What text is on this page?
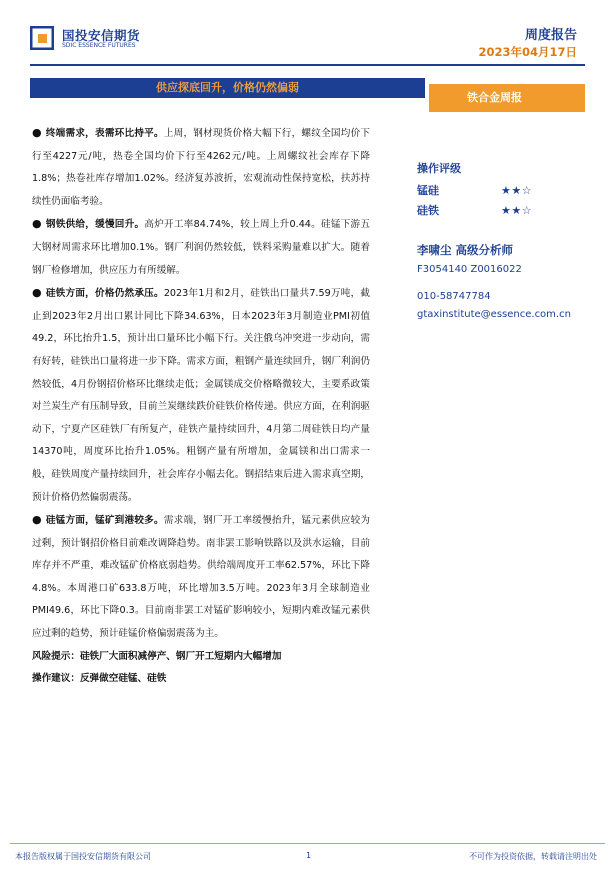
国投安信期货
SDIC ESSENCE FUTURES
周度报告
2023年04月17日
供应探底回升，价格仍然偏弱
铁合金周报

● 终端需求，表需环比持平。上周，钢材现货价格大幅下行，螺纹全国均价下行至4227元/吨，热卷全国均价下行至4262元/吨。上周螺纹社会库存下降1.8%；热卷社库存增加1.02%。经济复苏波折，宏观流动性保持宽松，扶苏持续性仍面临考验。

● 钢铁供给，缓慢回升。高炉开工率84.74%，较上周上升0.44。硅锰下游五大钢材周需求环比增加0.1%。钢厂利润仍然较低，铁料采购量难以扩大。随着钢厂检修增加，供应压力有所缓解。

● 硅铁方面，价格仍然承压。2023年1月和2月，硅铁出口量共7.59万吨，截止到2023年2月出口累计同比下降34.63%，日本2023年3月制造业PMI初值49.2，环比抬升1.5，预计出口量环比小幅下行。关注俄乌冲突进一步动向，需有好转，硅铁出口量将进一步下降。需求方面，粗钢产量连续回升，钢厂利润仍然较低，4月份钢招价格环比继续走低；金属镁成交价格略微较大，主要系政策对兰炭生产有压制导致，目前兰炭继续跌价硅铁价格传递。供应方面，在利润驱动下，宁夏产区硅铁厂有所复产，硅铁产量持续回升，4月第二周硅铁日均产量14370吨，周度环比抬升1.05%。粗钢产量有所增加，金属镁和出口需求一般，硅铁周度产量持续回升，社会库存小幅去化。钢招结束后进入需求真空期，预计价格仍然偏弱震荡。

● 硅锰方面，锰矿到港较多。需求端，钢厂开工率缓慢抬升，锰元素供应较为过剩，预计钢招价格目前难改调降趋势。南非罢工影响铁路以及洪水运输，目前库存并不严重，难改锰矿价格底弱趋势。供给端周度开工率62.57%，环比下降4.8%。本周港口矿633.8万吨，环比增加3.5万吨。2023年3月全球制造业PMI49.6，环比下降0.3。目前南非罢工对锰矿影响较小，短期内难改锰元素供应过剩的趋势，预计硅锰价格偏弱震荡为主。

风险提示：硅铁厂大面积减停产、钢厂开工短期内大幅增加

操作建议：反弹做空硅锰、硅铁

操作评级
锰硅	★★☆
硅铁	★★☆
李啸尘 高级分析师
F3054140 Z0016022
010-58747784
gtaxinstitute@essence.com.cn
本报告版权属于国投安信期货有限公司	1	不可作为投资依据，转载请注明出处
